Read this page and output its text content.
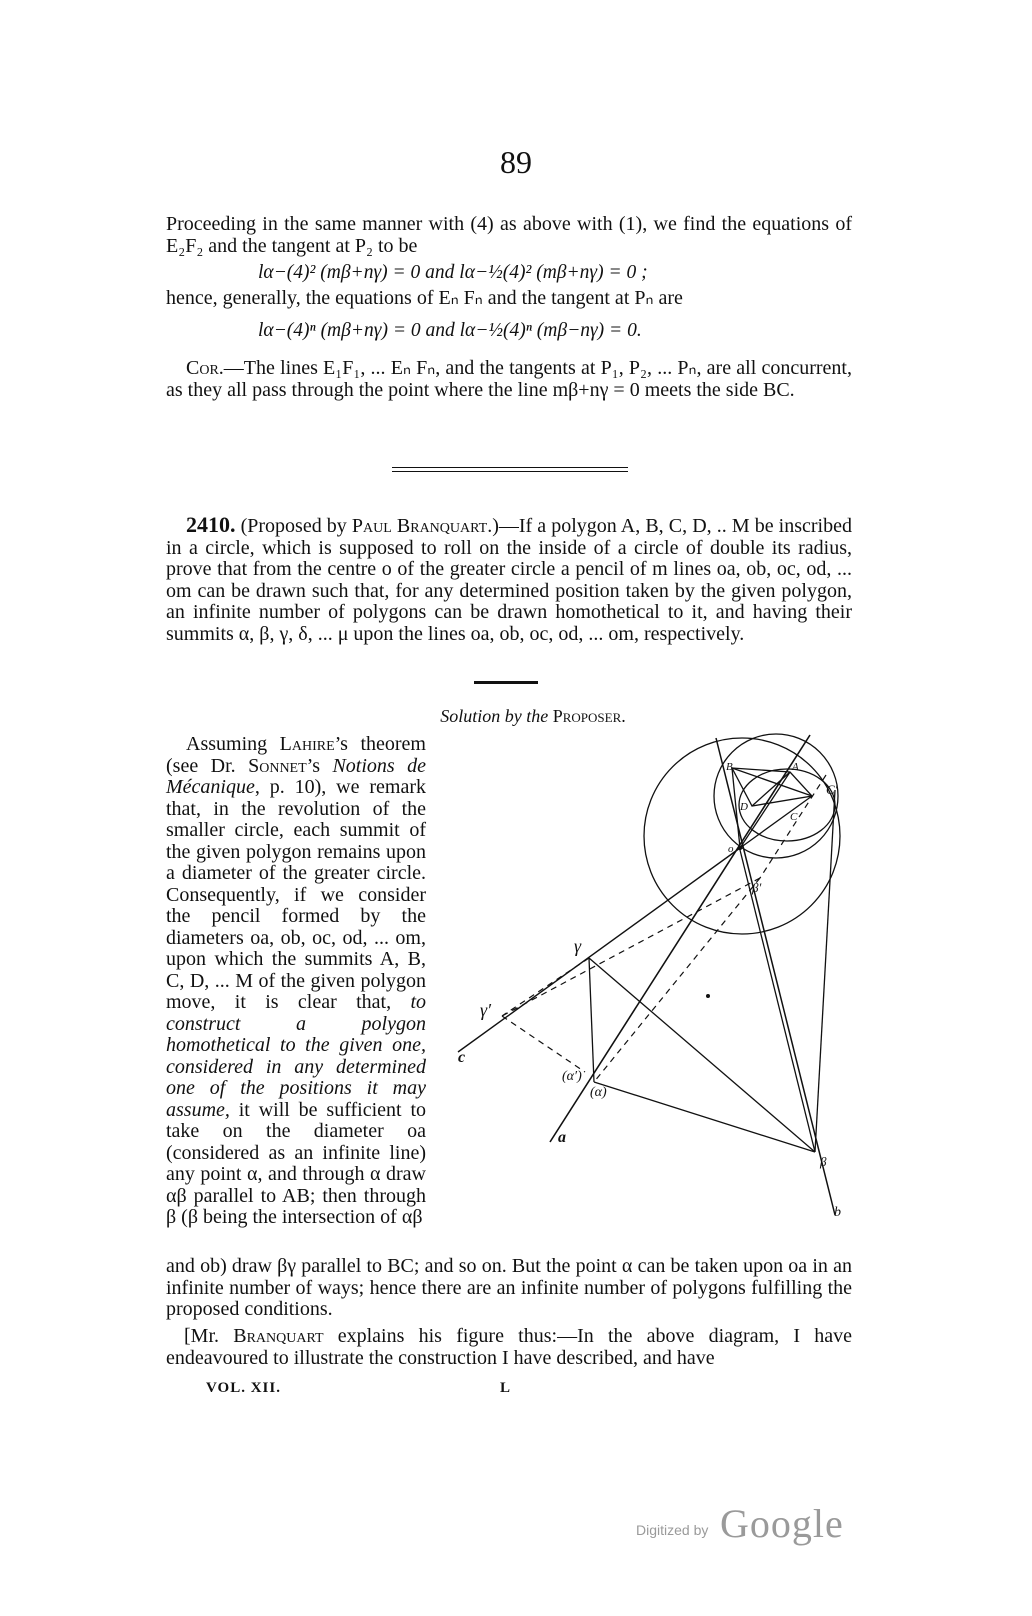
89
Proceeding in the same manner with (4) as above with (1), we find the equations of E₂F₂ and the tangent at P₂ to be
lα−(4)² (mβ+nγ) = 0 and lα−½(4)² (mβ+nγ) = 0 ;
hence, generally, the equations of Eₙ Fₙ and the tangent at Pₙ are
lα−(4)ⁿ (mβ+nγ) = 0 and lα−½(4)ⁿ (mβ−nγ) = 0.
Cor.—The lines E₁F₁, ... Eₙ Fₙ, and the tangents at P₁, P₂, ... Pₙ, are all concurrent, as they all pass through the point where the line mβ+nγ = 0 meets the side BC.
2410. (Proposed by Paul Branquart.)—If a polygon A, B, C, D, .. M be inscribed in a circle, which is supposed to roll on the inside of a circle of double its radius, prove that from the centre o of the greater circle a pencil of m lines oa, ob, oc, od, ... om can be drawn such that, for any determined position taken by the given polygon, an infinite number of polygons can be drawn homothetical to it, and having their summits α, β, γ, δ, ... μ upon the lines oa, ob, oc, od, ... om, respectively.
Solution by the Proposer.
Assuming Lahire’s theorem (see Dr. Sonnet’s Notions de Mécanique, p. 10), we remark that, in the revolution of the smaller circle, each summit of the given polygon remains upon a diameter of the greater circle. Consequently, if we consider the pencil formed by the diameters oa, ob, oc, od, ... om, upon which the summits A, B, C, D, ... M of the given polygon move, it is clear that, to construct a polygon homothetical to the given one, considered in any determined one of the positions it may assume, it will be sufficient to take on the diameter oa (considered as an infinite line) any point α, and through α draw αβ parallel to AB; then through β (β being the intersection of αβ
and ob) draw βγ parallel to BC; and so on. But the point α can be taken upon oa in an infinite number of ways; hence there are an infinite number of polygons fulfilling the proposed conditions.
[Mr. Branquart explains his figure thus:—In the above diagram, I have endeavoured to illustrate the construction I have described, and have
B	A
D
C
C′
o
β′
γ
γ′
c
(α′)
(α)
a
β
b
VOL. XII.	L
Digitized by Google
